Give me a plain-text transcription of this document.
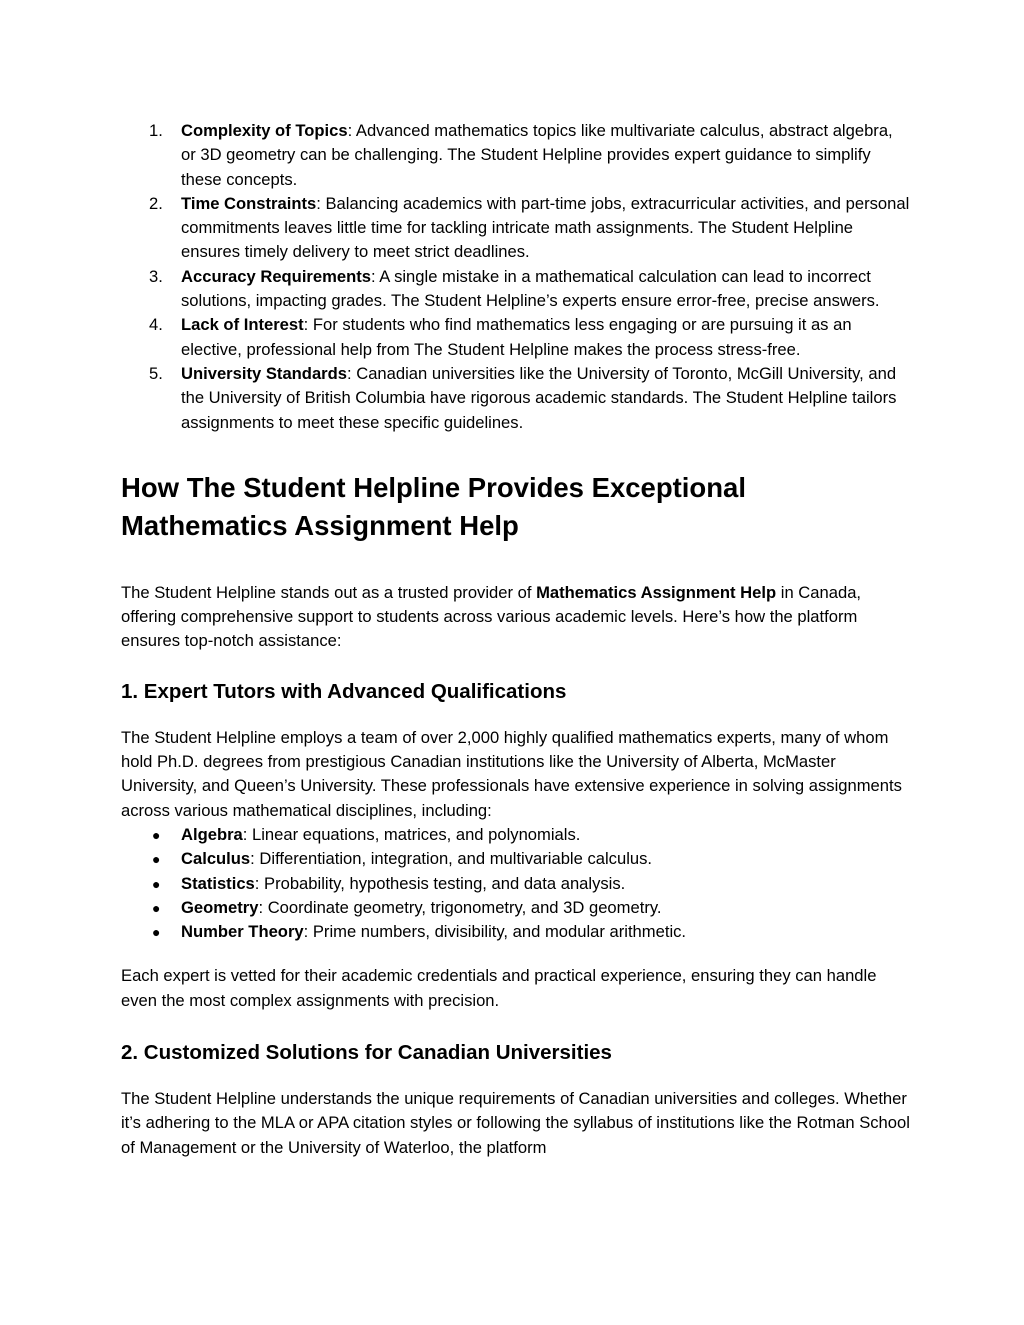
1. Complexity of Topics: Advanced mathematics topics like multivariate calculus, abstract algebra, or 3D geometry can be challenging. The Student Helpline provides expert guidance to simplify these concepts.
2. Time Constraints: Balancing academics with part-time jobs, extracurricular activities, and personal commitments leaves little time for tackling intricate math assignments. The Student Helpline ensures timely delivery to meet strict deadlines.
3. Accuracy Requirements: A single mistake in a mathematical calculation can lead to incorrect solutions, impacting grades. The Student Helpline’s experts ensure error-free, precise answers.
4. Lack of Interest: For students who find mathematics less engaging or are pursuing it as an elective, professional help from The Student Helpline makes the process stress-free.
5. University Standards: Canadian universities like the University of Toronto, McGill University, and the University of British Columbia have rigorous academic standards. The Student Helpline tailors assignments to meet these specific guidelines.
How The Student Helpline Provides Exceptional Mathematics Assignment Help

The Student Helpline stands out as a trusted provider of Mathematics Assignment Help in Canada, offering comprehensive support to students across various academic levels. Here’s how the platform ensures top-notch assistance:

1. Expert Tutors with Advanced Qualifications

The Student Helpline employs a team of over 2,000 highly qualified mathematics experts, many of whom hold Ph.D. degrees from prestigious Canadian institutions like the University of Alberta, McMaster University, and Queen’s University. These professionals have extensive experience in solving assignments across various mathematical disciplines, including:

● Algebra: Linear equations, matrices, and polynomials.
● Calculus: Differentiation, integration, and multivariable calculus.
● Statistics: Probability, hypothesis testing, and data analysis.
● Geometry: Coordinate geometry, trigonometry, and 3D geometry.
● Number Theory: Prime numbers, divisibility, and modular arithmetic.

Each expert is vetted for their academic credentials and practical experience, ensuring they can handle even the most complex assignments with precision.

2. Customized Solutions for Canadian Universities

The Student Helpline understands the unique requirements of Canadian universities and colleges. Whether it’s adhering to the MLA or APA citation styles or following the syllabus of institutions like the Rotman School of Management or the University of Waterloo, the platform
